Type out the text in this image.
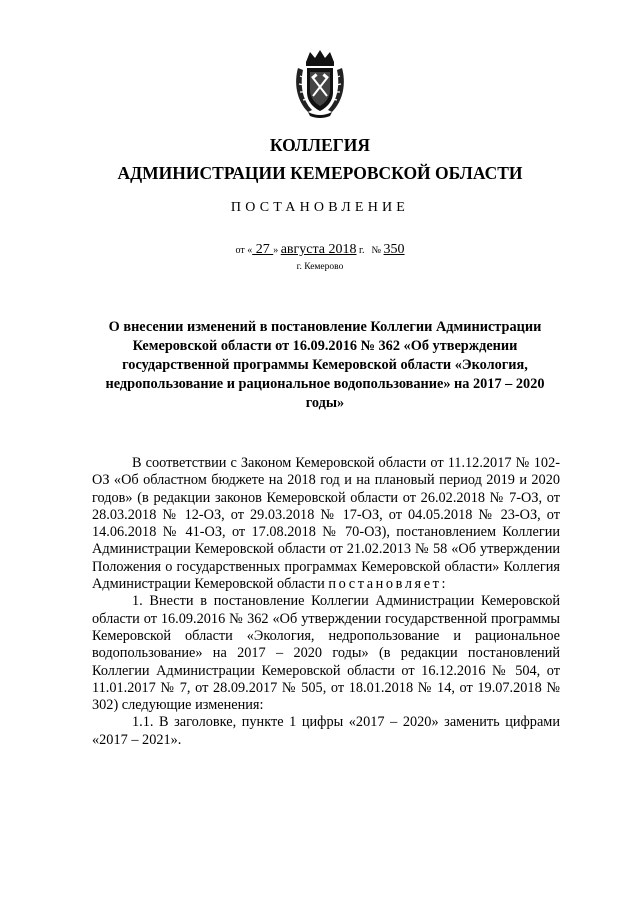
КОЛЛЕГИЯ
АДМИНИСТРАЦИИ КЕМЕРОВСКОЙ ОБЛАСТИ
ПОСТАНОВЛЕНИЕ
от « 27 » августа 2018 г. № 350
г. Кемерово
О внесении изменений в постановление Коллегии Администрации Кемеровской области от 16.09.2016 № 362 «Об утверждении государственной программы Кемеровской области «Экология, недропользование и рациональное водопользование» на 2017 – 2020 годы»

В соответствии с Законом Кемеровской области от 11.12.2017 № 102-ОЗ «Об областном бюджете на 2018 год и на плановый период 2019 и 2020 годов» (в редакции законов Кемеровской области от 26.02.2018 № 7-ОЗ, от 28.03.2018 № 12-ОЗ, от 29.03.2018 № 17-ОЗ, от 04.05.2018 № 23-ОЗ, от 14.06.2018 № 41-ОЗ, от 17.08.2018 № 70-ОЗ), постановлением Коллегии Администрации Кемеровской области от 21.02.2013 № 58 «Об утверждении Положения о государственных программах Кемеровской области» Коллегия Администрации Кемеровской области постановляет:

1. Внести в постановление Коллегии Администрации Кемеровской области от 16.09.2016 № 362 «Об утверждении государственной программы Кемеровской области «Экология, недропользование и рациональное водопользование» на 2017 – 2020 годы» (в редакции постановлений Коллегии Администрации Кемеровской области от 16.12.2016 № 504, от 11.01.2017 № 7, от 28.09.2017 № 505, от 18.01.2018 № 14, от 19.07.2018 № 302) следующие изменения:

1.1. В заголовке, пункте 1 цифры «2017 – 2020» заменить цифрами «2017 – 2021».
